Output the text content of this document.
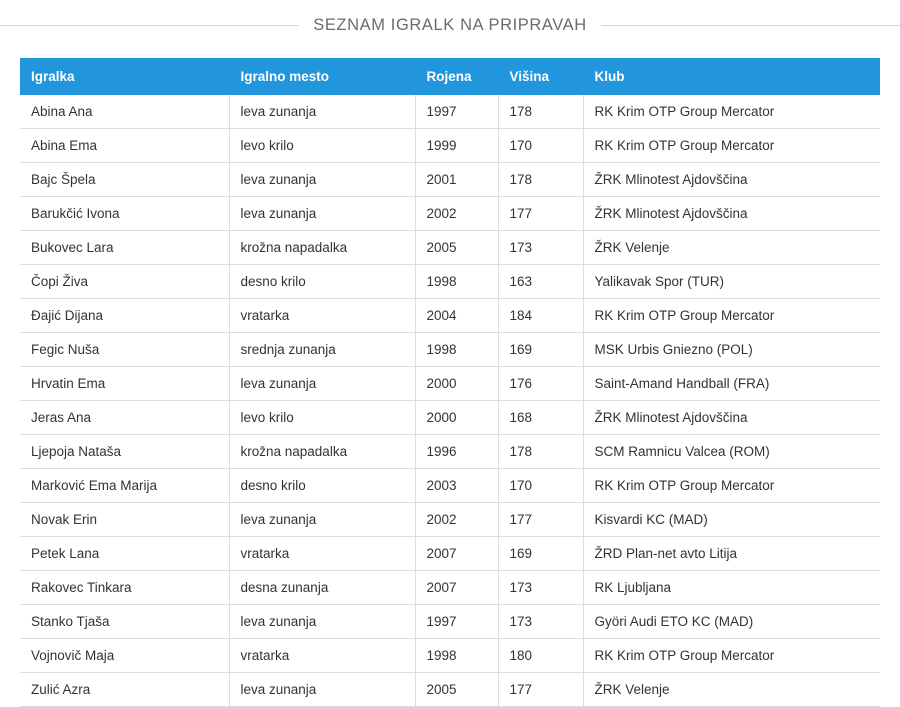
SEZNAM IGRALK NA PRIPRAVAH
Igralka	Igralno mesto	Rojena	Višina	Klub
Abina Ana	leva zunanja	1997	178	RK Krim OTP Group Mercator
Abina Ema	levo krilo	1999	170	RK Krim OTP Group Mercator
Bajc Špela	leva zunanja	2001	178	ŽRK Mlinotest Ajdovščina
Barukčić Ivona	leva zunanja	2002	177	ŽRK Mlinotest Ajdovščina
Bukovec Lara	krožna napadalka	2005	173	ŽRK Velenje
Čopi Živa	desno krilo	1998	163	Yalikavak Spor (TUR)
Đajić Dijana	vratarka	2004	184	RK Krim OTP Group Mercator
Fegic Nuša	srednja zunanja	1998	169	MSK Urbis Gniezno (POL)
Hrvatin Ema	leva zunanja	2000	176	Saint-Amand Handball (FRA)
Jeras Ana	levo krilo	2000	168	ŽRK Mlinotest Ajdovščina
Ljepoja Nataša	krožna napadalka	1996	178	SCM Ramnicu Valcea (ROM)
Marković Ema Marija	desno krilo	2003	170	RK Krim OTP Group Mercator
Novak Erin	leva zunanja	2002	177	Kisvardi KC (MAD)
Petek Lana	vratarka	2007	169	ŽRD Plan-net avto Litija
Rakovec Tinkara	desna zunanja	2007	173	RK Ljubljana
Stanko Tjaša	leva zunanja	1997	173	Györi Audi ETO KC (MAD)
Vojnovič Maja	vratarka	1998	180	RK Krim OTP Group Mercator
Zulić Azra	leva zunanja	2005	177	ŽRK Velenje
